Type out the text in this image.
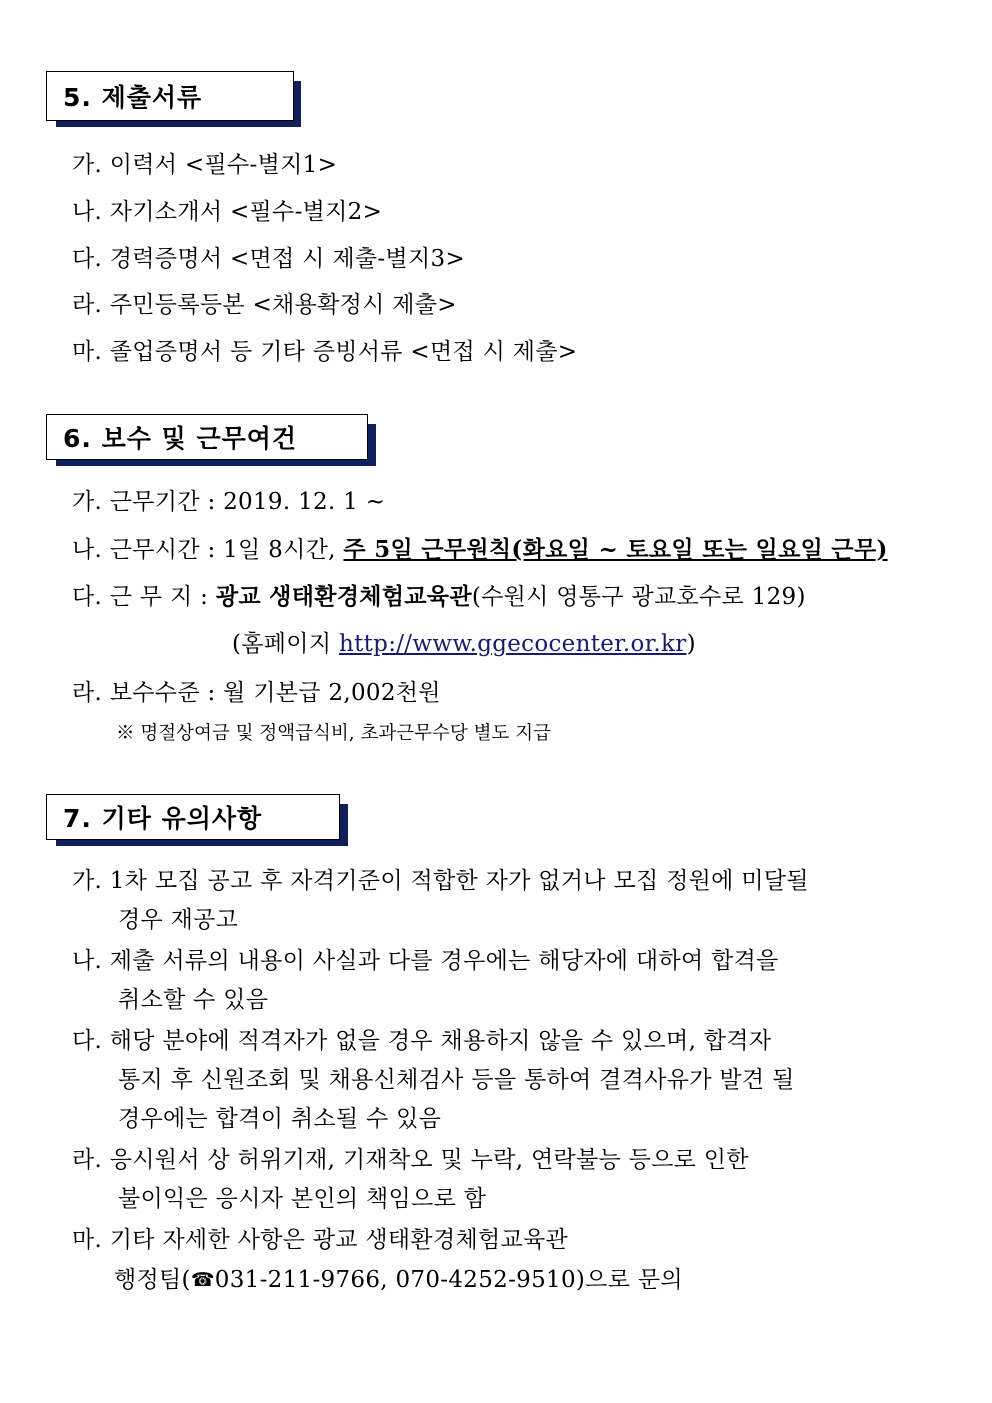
5. 제출서류
가. 이력서 <필수-별지1>
나. 자기소개서 <필수-별지2>
다. 경력증명서 <면접 시 제출-별지3>
라. 주민등록등본 <채용확정시 제출>
마. 졸업증명서 등 기타 증빙서류 <면접 시 제출>
6. 보수 및 근무여건
가. 근무기간 : 2019. 12. 1 ~
나. 근무시간 : 1일 8시간, 주 5일 근무원칙(화요일 ~ 토요일 또는 일요일 근무)
다. 근 무 지 : 광교 생태환경체험교육관(수원시 영통구 광교호수로 129)
(홈페이지 http://www.ggecocenter.or.kr)
라. 보수수준 : 월 기본급 2,002천원
※ 명절상여금 및 정액급식비, 초과근무수당 별도 지급
7. 기타 유의사항
가. 1차 모집 공고 후 자격기준이 적합한 자가 없거나 모집 정원에 미달될
경우 재공고
나. 제출 서류의 내용이 사실과 다를 경우에는 해당자에 대하여 합격을
취소할 수 있음
다. 해당 분야에 적격자가 없을 경우 채용하지 않을 수 있으며, 합격자
통지 후 신원조회 및 채용신체검사 등을 통하여 결격사유가 발견 될
경우에는 합격이 취소될 수 있음
라. 응시원서 상 허위기재, 기재착오 및 누락, 연락불능 등으로 인한
불이익은 응시자 본인의 책임으로 함
마. 기타 자세한 사항은 광교 생태환경체험교육관
행정팀(☎031-211-9766, 070-4252-9510)으로 문의
